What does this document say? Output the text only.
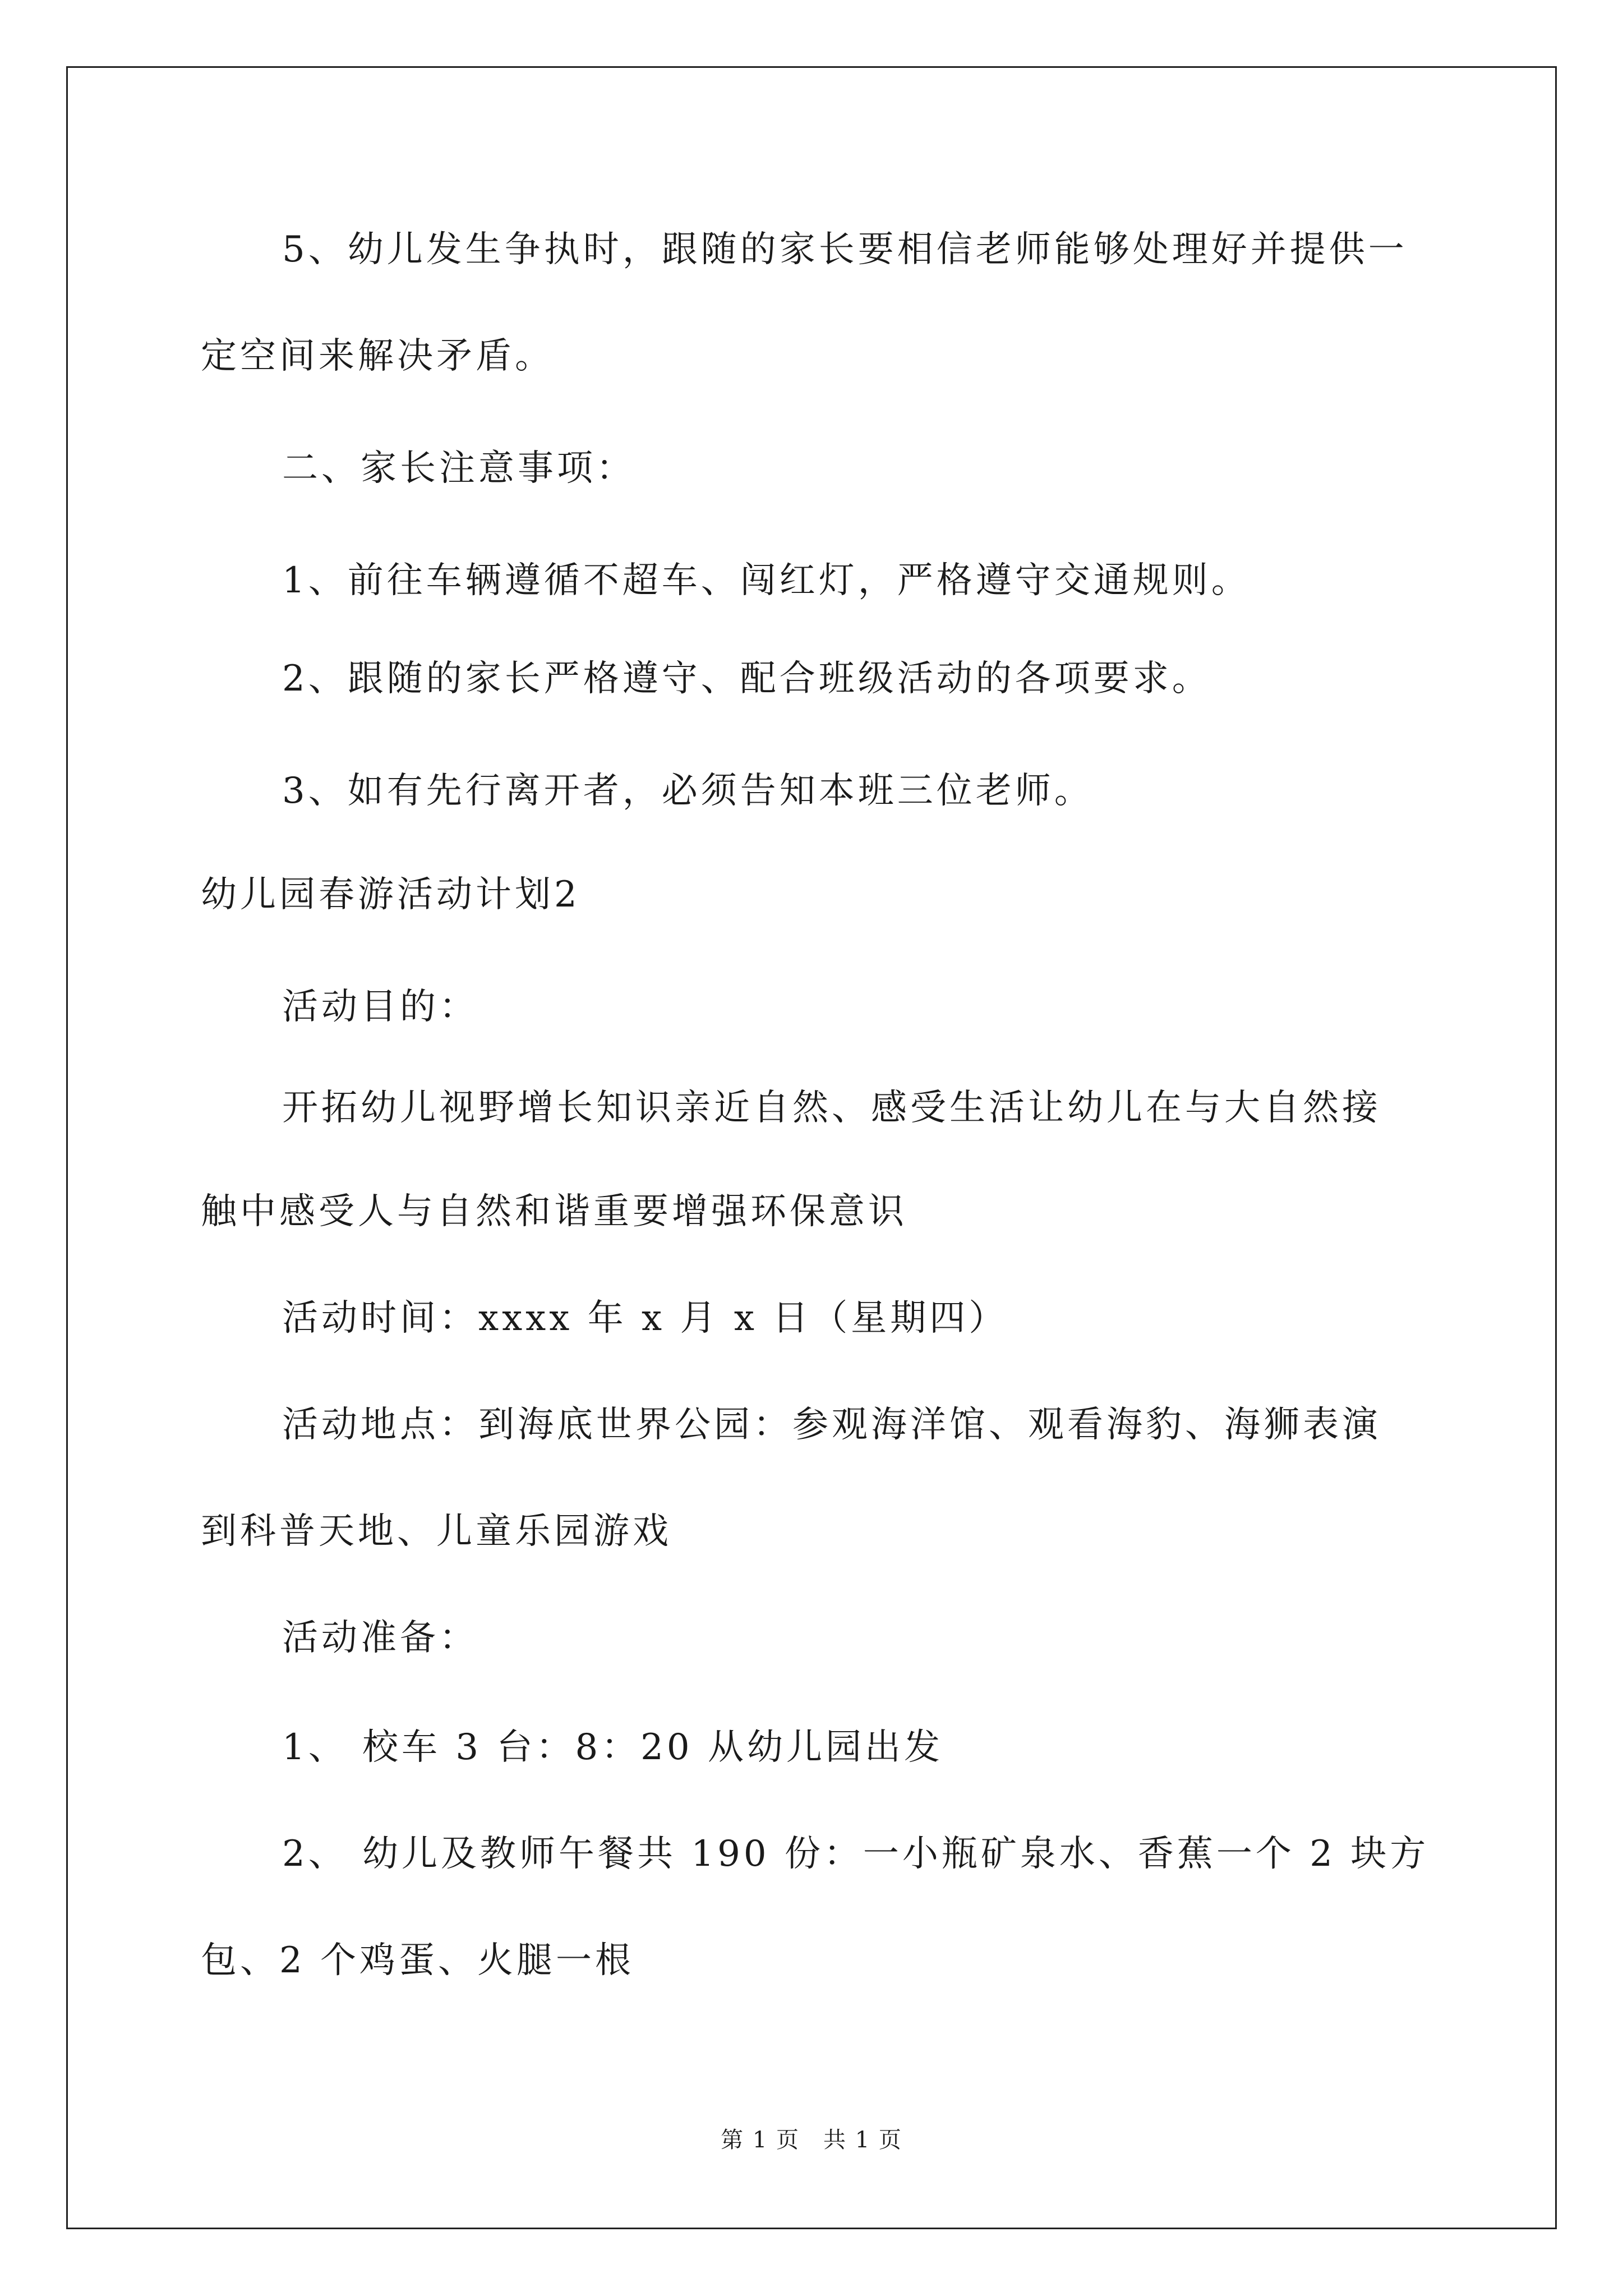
5、幼儿发生争执时，跟随的家长要相信老师能够处理好并提供一
定空间来解决矛盾。
二、家长注意事项：
1、前往车辆遵循不超车、闯红灯，严格遵守交通规则。
2、跟随的家长严格遵守、配合班级活动的各项要求。
3、如有先行离开者，必须告知本班三位老师。
幼儿园春游活动计划2
活动目的：
开拓幼儿视野增长知识亲近自然、感受生活让幼儿在与大自然接
触中感受人与自然和谐重要增强环保意识
活动时间：xxxx 年 x 月 x 日（星期四）
活动地点：到海底世界公园：参观海洋馆、观看海豹、海狮表演
到科普天地、儿童乐园游戏
活动准备：
1、 校车 3 台：8：20 从幼儿园出发
2、 幼儿及教师午餐共 190 份：一小瓶矿泉水、香蕉一个 2 块方
包、2 个鸡蛋、火腿一根
第 1 页　共 1 页
